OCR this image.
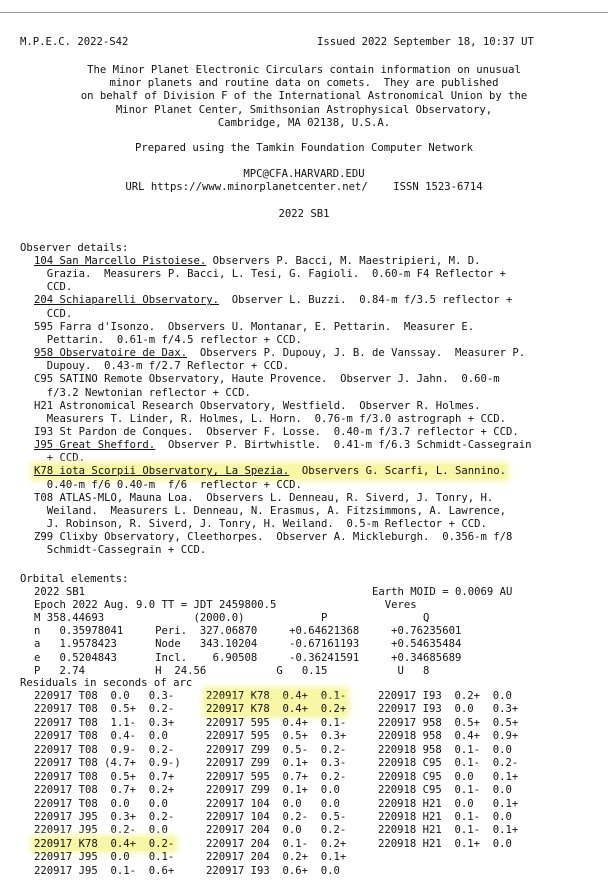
M.P.E.C. 2022-S42	Issued 2022 September 18, 10:37 UT
The Minor Planet Electronic Circulars contain information on unusual
minor planets and routine data on comets.  They are published
on behalf of Division F of the International Astronomical Union by the
Minor Planet Center, Smithsonian Astrophysical Observatory,
Cambridge, MA 02138, U.S.A.
Prepared using the Tamkin Foundation Computer Network
MPC@CFA.HARVARD.EDU
URL https://www.minorplanetcenter.net/    ISSN 1523-6714
2022 SB1
Observer details:
104 San Marcello Pistoiese. Observers P. Bacci, M. Maestripieri, M. D.
Grazia.  Measurers P. Bacci, L. Tesi, G. Fagioli.  0.60-m F4 Reflector +
CCD.
204 Schiaparelli Observatory.  Observer L. Buzzi.  0.84-m f/3.5 reflector +
CCD.
595 Farra d'Isonzo.  Observers U. Montanar, E. Pettarin.  Measurer E.
Pettarin.  0.61-m f/4.5 reflector + CCD.
958 Observatoire de Dax.  Observers P. Dupouy, J. B. de Vanssay.  Measurer P.
Dupouy.  0.43-m f/2.7 Reflector + CCD.
C95 SATINO Remote Observatory, Haute Provence.  Observer J. Jahn.  0.60-m
f/3.2 Newtonian reflector + CCD.
H21 Astronomical Research Observatory, Westfield.  Observer R. Holmes.
Measurers T. Linder, R. Holmes, L. Horn.  0.76-m f/3.0 astrograph + CCD.
I93 St Pardon de Conques.  Observer F. Losse.  0.40-m f/3.7 reflector + CCD.
J95 Great Shefford.  Observer P. Birtwhistle.  0.41-m f/6.3 Schmidt-Cassegrain
+ CCD.
K78 iota Scorpii Observatory, La Spezia.  Observers G. Scarfi, L. Sannino.
0.40-m f/6 0.40-m  f/6  reflector + CCD.
T08 ATLAS-MLO, Mauna Loa.  Observers L. Denneau, R. Siverd, J. Tonry, H.
Weiland.  Measurers L. Denneau, N. Erasmus, A. Fitzsimmons, A. Lawrence,
J. Robinson, R. Siverd, J. Tonry, H. Weiland.  0.5-m Reflector + CCD.
Z99 Clixby Observatory, Cleethorpes.  Observer A. Mickleburgh.  0.356-m f/8
Schmidt-Cassegrain + CCD.
Orbital elements:
2022 SB1                                             Earth MOID = 0.0069 AU
Epoch 2022 Aug. 9.0 TT = JDT 2459800.5                 Veres
M 358.44693              (2000.0)            P               Q
n   0.35978041     Peri.  327.06870     +0.64621368     +0.76235601
a   1.9578423      Node   343.10204     -0.67161193     +0.54635484
e   0.5204843      Incl.    6.90508     -0.36241591     +0.34685689
P   2.74           H  24.56           G   0.15           U   8
Residuals in seconds of arc
220917 T08  0.0   0.3-
220917 T08  0.5+  0.2-
220917 T08  1.1-  0.3+
220917 T08  0.4-  0.0
220917 T08  0.9-  0.2-
220917 T08 (4.7+  0.9-)
220917 T08  0.5+  0.7+
220917 T08  0.7+  0.2+
220917 T08  0.0   0.0
220917 J95  0.3+  0.2-
220917 J95  0.2-  0.0
220917 K78  0.4+  0.2-
220917 J95  0.0   0.1-
220917 J95  0.1-  0.6+
220917 K78  0.4+  0.1-
220917 K78  0.4+  0.2+
220917 595  0.4+  0.1-
220917 595  0.5+  0.3+
220917 Z99  0.5-  0.2-
220917 Z99  0.1+  0.3-
220917 595  0.7+  0.2-
220917 Z99  0.1+  0.0
220917 104  0.0   0.0
220917 104  0.2-  0.5-
220917 204  0.0   0.2-
220917 204  0.1-  0.2+
220917 204  0.2+  0.1+
220917 I93  0.6+  0.0
220917 I93  0.2+  0.0
220917 I93  0.0   0.3+
220917 958  0.5+  0.5+
220918 958  0.4+  0.9+
220918 958  0.1-  0.0
220918 C95  0.1-  0.2-
220918 C95  0.0   0.1+
220918 C95  0.1-  0.0
220918 H21  0.0   0.1+
220918 H21  0.1-  0.0
220918 H21  0.1-  0.1+
220918 H21  0.1+  0.0
